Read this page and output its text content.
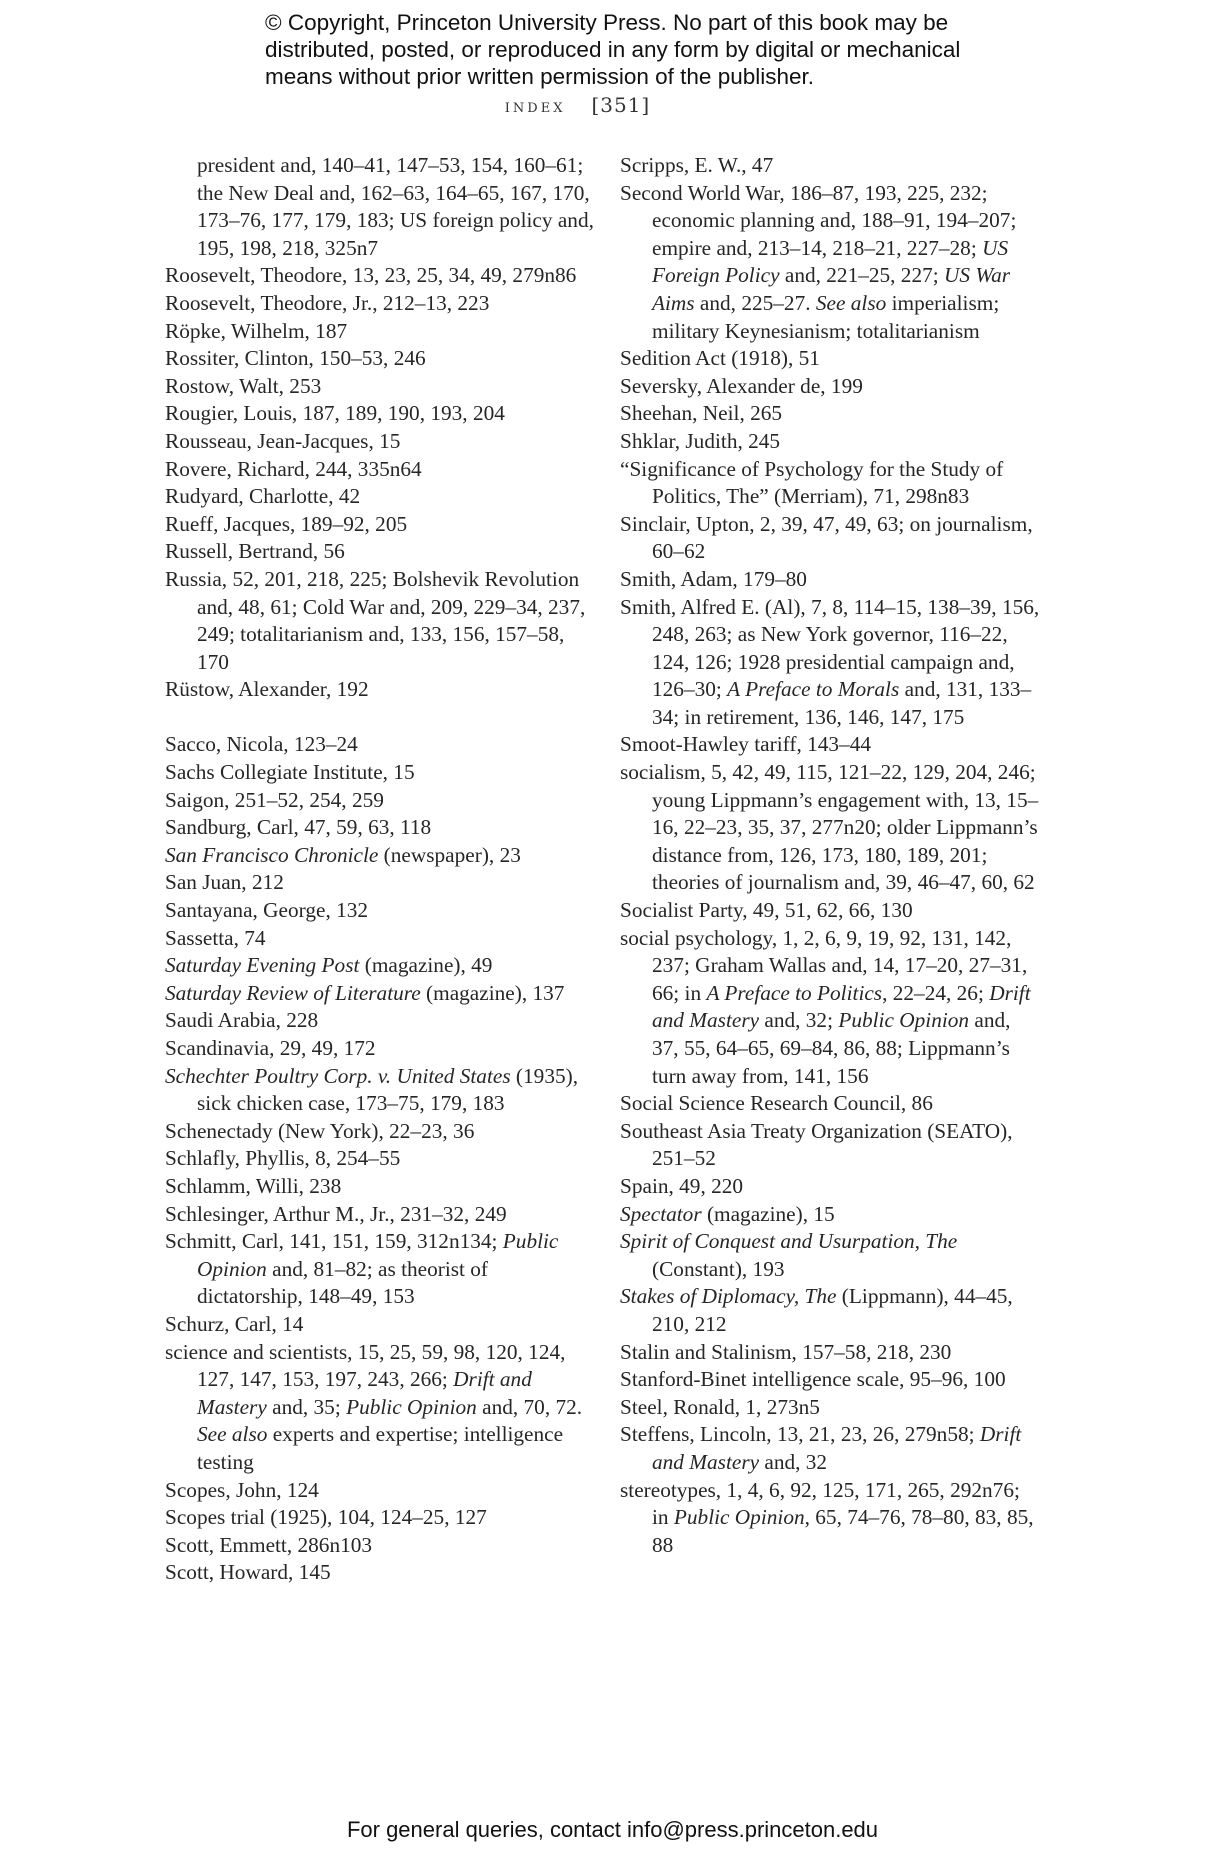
© Copyright, Princeton University Press. No part of this book may be distributed, posted, or reproduced in any form by digital or mechanical means without prior written permission of the publisher.
index [351]

president and, 140–41, 147–53, 154, 160–61; the New Deal and, 162–63, 164–65, 167, 170, 173–76, 177, 179, 183; US foreign policy and, 195, 198, 218, 325n7

Roosevelt, Theodore, 13, 23, 25, 34, 49, 279n86

Roosevelt, Theodore, Jr., 212–13, 223

Röpke, Wilhelm, 187

Rossiter, Clinton, 150–53, 246

Rostow, Walt, 253

Rougier, Louis, 187, 189, 190, 193, 204

Rousseau, Jean-Jacques, 15

Rovere, Richard, 244, 335n64

Rudyard, Charlotte, 42

Rueff, Jacques, 189–92, 205

Russell, Bertrand, 56

Russia, 52, 201, 218, 225; Bolshevik Revolution and, 48, 61; Cold War and, 209, 229–34, 237, 249; totalitarianism and, 133, 156, 157–58, 170

Rüstow, Alexander, 192

Sacco, Nicola, 123–24

Sachs Collegiate Institute, 15

Saigon, 251–52, 254, 259

Sandburg, Carl, 47, 59, 63, 118

San Francisco Chronicle (newspaper), 23

San Juan, 212

Santayana, George, 132

Sassetta, 74

Saturday Evening Post (magazine), 49

Saturday Review of Literature (magazine), 137

Saudi Arabia, 228

Scandinavia, 29, 49, 172

Schechter Poultry Corp. v. United States (1935), sick chicken case, 173–75, 179, 183

Schenectady (New York), 22–23, 36

Schlafly, Phyllis, 8, 254–55

Schlamm, Willi, 238

Schlesinger, Arthur M., Jr., 231–32, 249

Schmitt, Carl, 141, 151, 159, 312n134; Public Opinion and, 81–82; as theorist of dictatorship, 148–49, 153

Schurz, Carl, 14

science and scientists, 15, 25, 59, 98, 120, 124, 127, 147, 153, 197, 243, 266; Drift and Mastery and, 35; Public Opinion and, 70, 72. See also experts and expertise; intelligence testing

Scopes, John, 124

Scopes trial (1925), 104, 124–25, 127

Scott, Emmett, 286n103

Scott, Howard, 145

Scripps, E. W., 47

Second World War, 186–87, 193, 225, 232; economic planning and, 188–91, 194–207; empire and, 213–14, 218–21, 227–28; US Foreign Policy and, 221–25, 227; US War Aims and, 225–27. See also imperialism; military Keynesianism; totalitarianism

Sedition Act (1918), 51

Seversky, Alexander de, 199

Sheehan, Neil, 265

Shklar, Judith, 245

“Significance of Psychology for the Study of Politics, The” (Merriam), 71, 298n83

Sinclair, Upton, 2, 39, 47, 49, 63; on journalism, 60–62

Smith, Adam, 179–80

Smith, Alfred E. (Al), 7, 8, 114–15, 138–39, 156, 248, 263; as New York governor, 116–22, 124, 126; 1928 presidential campaign and, 126–30; A Preface to Morals and, 131, 133–34; in retirement, 136, 146, 147, 175

Smoot-Hawley tariff, 143–44

socialism, 5, 42, 49, 115, 121–22, 129, 204, 246; young Lippmann’s engagement with, 13, 15–16, 22–23, 35, 37, 277n20; older Lippmann’s distance from, 126, 173, 180, 189, 201; theories of journalism and, 39, 46–47, 60, 62

Socialist Party, 49, 51, 62, 66, 130

social psychology, 1, 2, 6, 9, 19, 92, 131, 142, 237; Graham Wallas and, 14, 17–20, 27–31, 66; in A Preface to Politics, 22–24, 26; Drift and Mastery and, 32; Public Opinion and, 37, 55, 64–65, 69–84, 86, 88; Lippmann’s turn away from, 141, 156

Social Science Research Council, 86

Southeast Asia Treaty Organization (SEATO), 251–52

Spain, 49, 220

Spectator (magazine), 15

Spirit of Conquest and Usurpation, The (Constant), 193

Stakes of Diplomacy, The (Lippmann), 44–45, 210, 212

Stalin and Stalinism, 157–58, 218, 230

Stanford-Binet intelligence scale, 95–96, 100

Steel, Ronald, 1, 273n5

Steffens, Lincoln, 13, 21, 23, 26, 279n58; Drift and Mastery and, 32

stereotypes, 1, 4, 6, 92, 125, 171, 265, 292n76; in Public Opinion, 65, 74–76, 78–80, 83, 85, 88

For general queries, contact info@press.princeton.edu
